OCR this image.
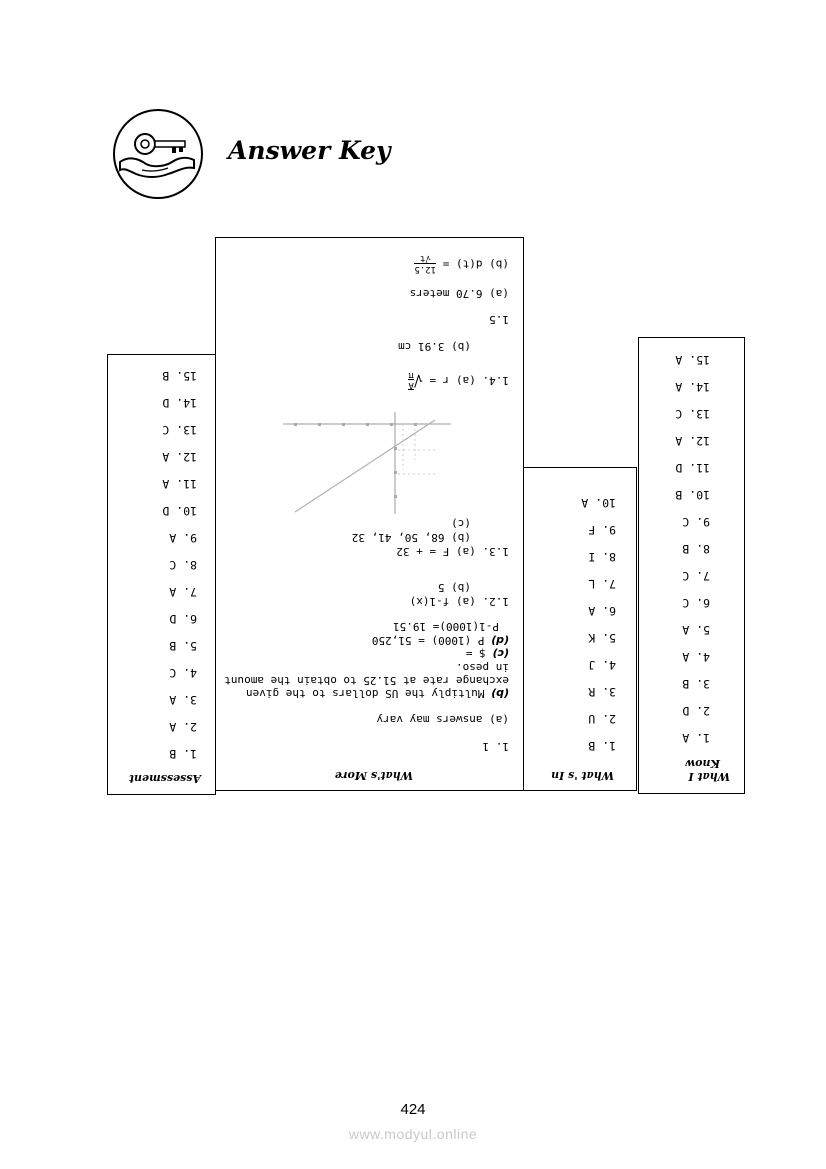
Answer Key
What I
Know
1. A
2. D
3. B
4. A
5. A
6. C
7. C
8. B
9. C
10. B
11. D
12. A
13. C
14. A
15. A
What 's In
1. B
2. U
3. R
4. J
5. K
6. A
7. L
8. I
9. F
10. A
What's More
1. 1
(a) answers may vary
(b) Multiply the US dollars to the given
exchange rate at 51.25 to obtain the amount
in peso.
(c) $ =
(d) P (1000) = 51,250
P-1(1000)= 19.51
1.2. (a) f-1(x)
(b) 5
1.3. (a) F = + 32
(b) 68, 50, 41, 32
(c)
1.4. (a) r = √
A
π
(b) 3.91 cm
1.5
(a) 6.70 meters
(b) d(t) =
12.5
√t
Assessment
1. B
2. A
3. A
4. C
5. B
6. D
7. A
8. C
9. A
10. D
11. A
12. A
13. C
14. D
15. B
424
www.modyul.online
